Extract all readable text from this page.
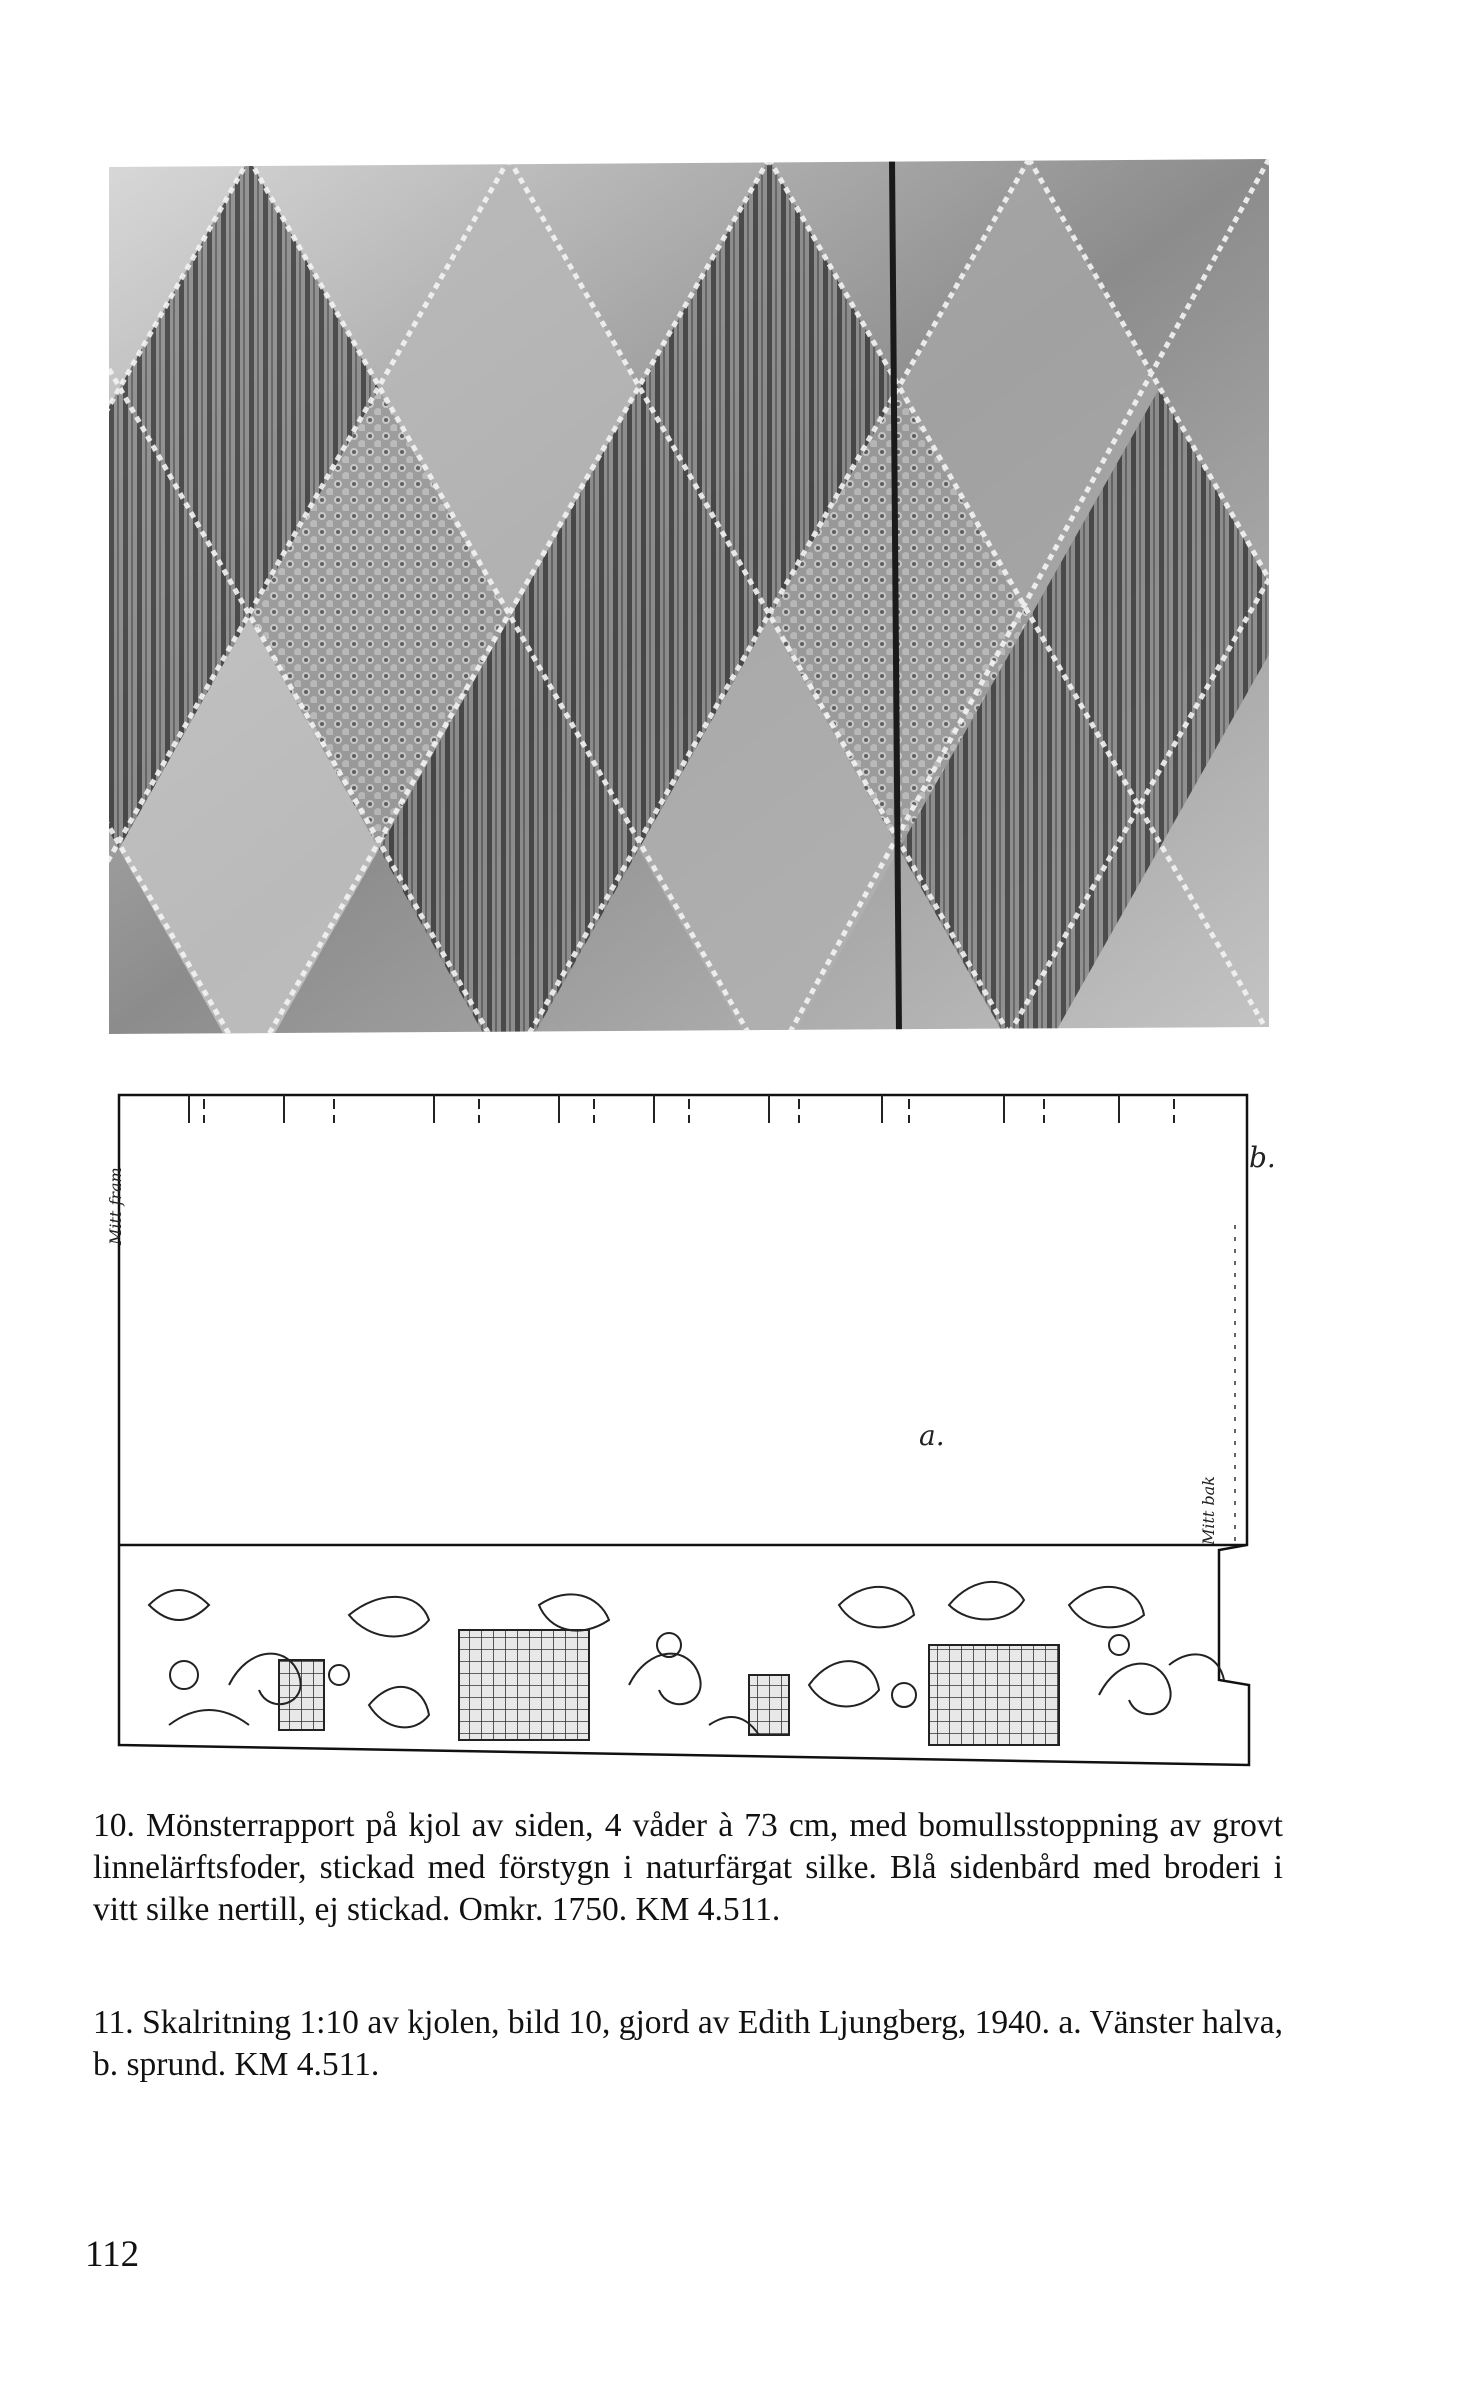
Mitt fram
Mitt bak
a.
b.
10. Mönsterrapport på kjol av siden, 4 våder à 73 cm, med bomullsstoppning av grovt linnelärftsfoder, stickad med förstygn i naturfärgat silke. Blå sidenbård med broderi i vitt silke nertill, ej stickad. Omkr. 1750. KM 4.511.
11. Skalritning 1:10 av kjolen, bild 10, gjord av Edith Ljungberg, 1940. a. Vänster halva, b. sprund. KM 4.511.
112
